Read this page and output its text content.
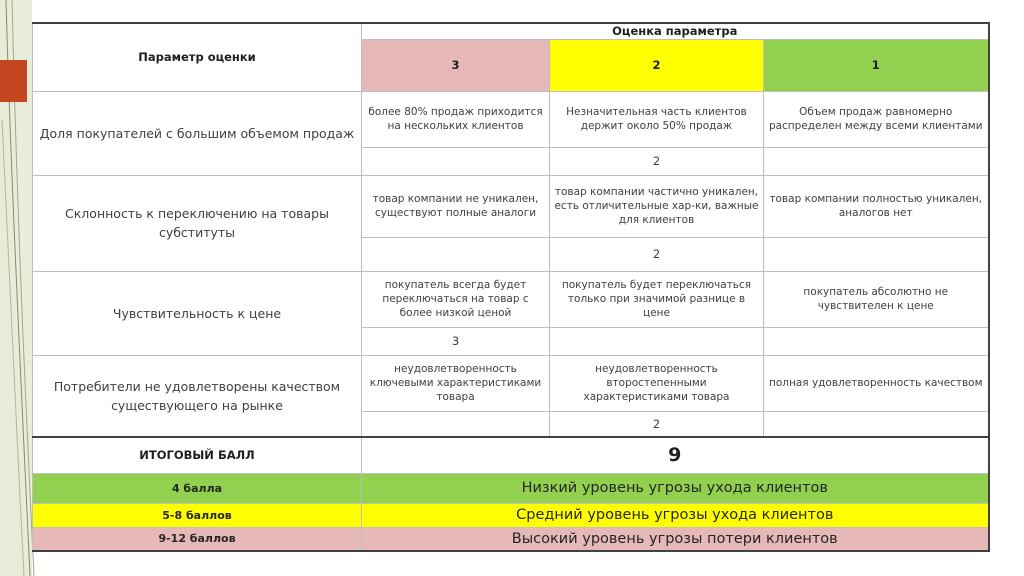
Параметр оценки	Оценка параметра		
	3	2	1
Доля покупателей с большим объемом продаж	более 80% продаж приходится на нескольких клиентов	Незначительная часть клиентов держит около 50% продаж	Объем продаж равномерно распределен между всеми клиентами
		2	
Склонность к переключению на товары субституты	товар компании не уникален, существуют полные аналоги	товар компании частично уникален, есть отличительные хар-ки, важные для клиентов	товар компании полностью уникален, аналогов нет
		2	
Чувствительность к цене	покупатель всегда будет переключаться на товар с более низкой ценой	покупатель будет переключаться только при значимой разнице в цене	покупатель абсолютно не чувствителен к цене
	3		
Потребители не удовлетворены качеством существующего на рынке	неудовлетворенность ключевыми характеристиками товара	неудовлетворенность второстепенными характеристиками товара	полная удовлетворенность качеством
		2	
ИТОГОВЫЙ БАЛЛ	9		
4 балла	Низкий уровень угрозы ухода клиентов		
5-8 баллов	Средний уровень угрозы ухода клиентов		
9-12 баллов	Высокий уровень угрозы потери клиентов		
